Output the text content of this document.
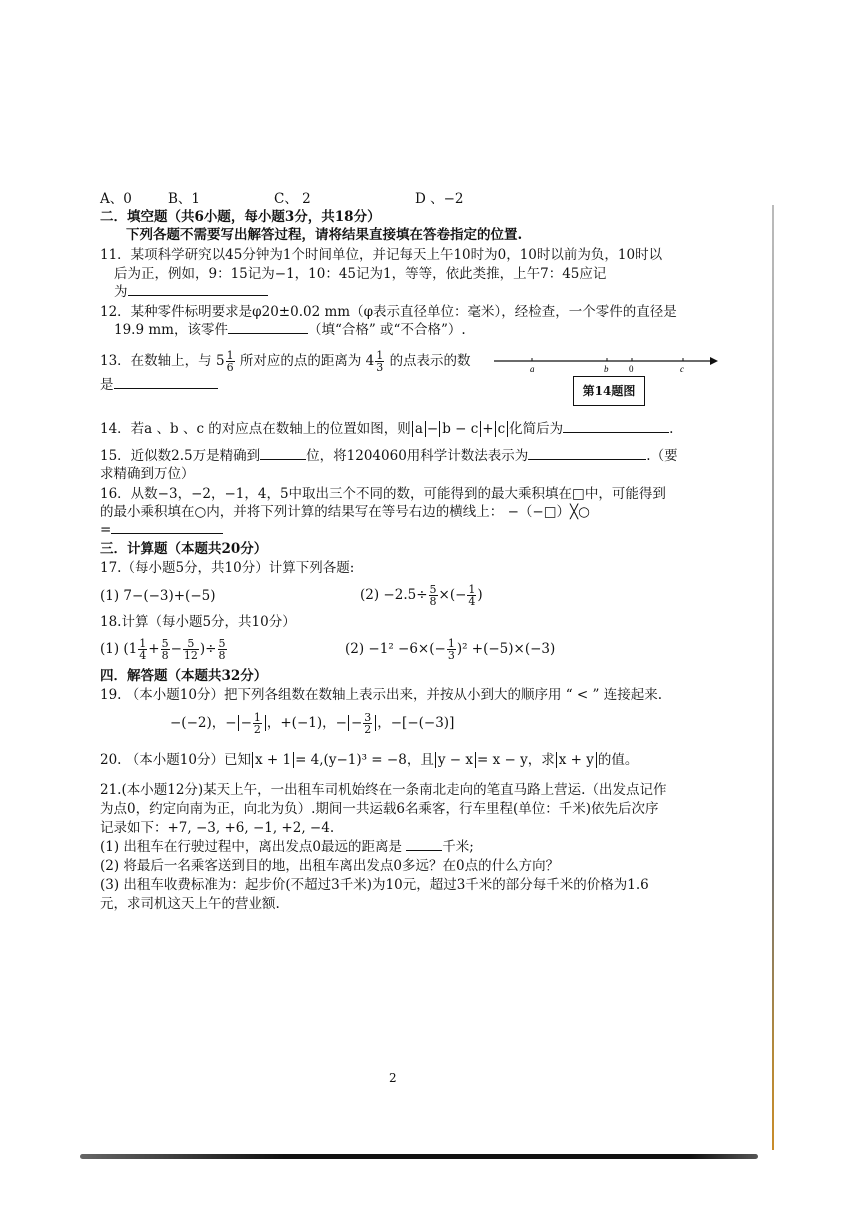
A、0	B、1	C、 2	D 、−2
二．填空题（共6小题，每小题3分，共18分）
下列各题不需要写出解答过程，请将结果直接填在答卷指定的位置.
11．某项科学研究以45分钟为1个时间单位，并记每天上午10时为0，10时以前为负，10时以
后为正，例如，9：15记为−1，10：45记为1，等等，依此类推，上午7：45应记
为
12．某种零件标明要求是φ20±0.02 mm（φ表示直径单位：毫米），经检查，一个零件的直径是
19.9 mm，该零件	（填“合格” 或“不合格”）.
13．在数轴上，与 $5 \frac{1}{6}$ 所对应的点的距离为 $4 \frac{1}{3}$ 的点表示的数
是
a	b 0	c
第14题图
14．若a 、b 、c 的对应点在数轴上的位置如图，则 a − b − c + c 化简后为	.
15．近似数2.5万是精确到	位，将1204060用科学计数法表示为	.（要
求精确到万位）
16．从数−3，−2，−1，4，5中取出三个不同的数，可能得到的最大乘积填在□中，可能得到
的最小乘积填在○内，并将下列计算的结果写在等号右边的横线上： −（−□）╳○
=
三．计算题（本题共20分）
17.（每小题5分，共10分）计算下列各题:
(1) 7−(−3)+(−5)	$(2) -2.5\div \frac{5}{8}$ ×(− $\frac{1}{4}$ )
18.计算（每小题5分，共10分）
(1) ($1 \frac{1}{4} + \frac{5}{8} - \frac{5}{12}$ )÷ $\frac{5}{8}$	$(2) -1^2 -6\times(- \frac{1}{3} )^2 +(-5)\times(-3)$
四．解答题（本题共32分）
19. （本小题10分）把下列各组数在数轴上表示出来，并按从小到大的顺序用 “ < ” 连接起来.
−(−2)，− − $\frac{1}{2}$ ，+(−1)，− − $\frac{3}{2}$ ，−[−(−3)]
20. （本小题10分）已知 x + 1 = 4,(y−1)³ = −8，且 y − x = x − y，求 x + y 的值。
21.(本小题12分)某天上午，一出租车司机始终在一条南北走向的笔直马路上营运.（出发点记作
为点0，约定向南为正，向北为负）.期间一共运载6名乘客，行车里程(单位：千米)依先后次序
记录如下：+7, −3, +6, −1, +2, −4.
(1) 出租车在行驶过程中，离出发点0最远的距离是	千米;
(2) 将最后一名乘客送到目的地，出租车离出发点0多远？在0点的什么方向？
(3) 出租车收费标准为：起步价(不超过3千米)为10元，超过3千米的部分每千米的价格为1.6
元，求司机这天上午的营业额.
2
